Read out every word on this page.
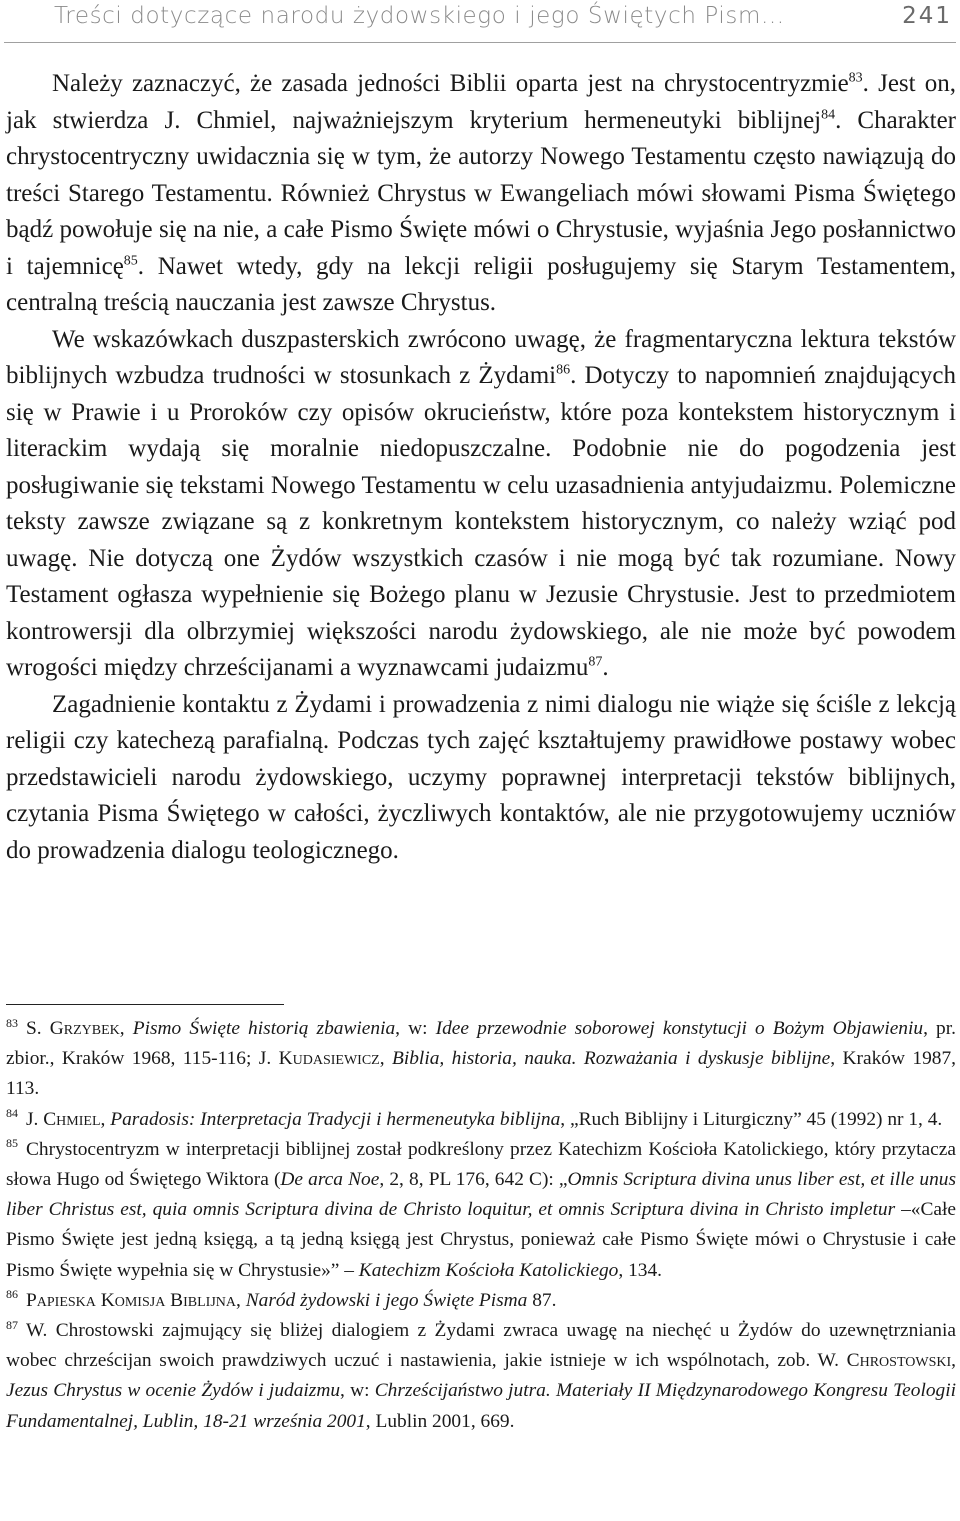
Treści dotyczące narodu żydowskiego i jego Świętych Pism...	241

Należy zaznaczyć, że zasada jedności Biblii oparta jest na chrystocentryzmie$^{83}$. Jest on, jak stwierdza J. Chmiel, najważniejszym kryterium hermeneutyki biblijnej$^{84}$. Charakter chrystocentryczny uwidacznia się w tym, że autorzy Nowego Testamentu często nawiązują do treści Starego Testamentu. Również Chrystus w Ewangeliach mówi słowami Pisma Świętego bądź powołuje się na nie, a całe Pismo Święte mówi o Chrystusie, wyjaśnia Jego posłannictwo i tajemnicę$^{85}$. Nawet wtedy, gdy na lekcji religii posługujemy się Starym Testamentem, centralną treścią nauczania jest zawsze Chrystus.

We wskazówkach duszpasterskich zwrócono uwagę, że fragmentaryczna lektura tekstów biblijnych wzbudza trudności w stosunkach z Żydami$^{86}$. Dotyczy to napomnień znajdujących się w Prawie i u Proroków czy opisów okrucieństw, które poza kontekstem historycznym i literackim wydają się moralnie niedopuszczalne. Podobnie nie do pogodzenia jest posługiwanie się tekstami Nowego Testamentu w celu uzasadnienia antyjudaizmu. Polemiczne teksty zawsze związane są z konkretnym kontekstem historycznym, co należy wziąć pod uwagę. Nie dotyczą one Żydów wszystkich czasów i nie mogą być tak rozumiane. Nowy Testament ogłasza wypełnienie się Bożego planu w Jezusie Chrystusie. Jest to przedmiotem kontrowersji dla olbrzymiej większości narodu żydowskiego, ale nie może być powodem wrogości między chrześcijanami a wyznawcami judaizmu$^{87}$.

Zagadnienie kontaktu z Żydami i prowadzenia z nimi dialogu nie wiąże się ściśle z lekcją religii czy katechezą parafialną. Podczas tych zajęć kształtujemy prawidłowe postawy wobec przedstawicieli narodu żydowskiego, uczymy poprawnej interpretacji tekstów biblijnych, czytania Pisma Świętego w całości, życzliwych kontaktów, ale nie przygotowujemy uczniów do prowadzenia dialogu teologicznego.

$^{83}$ S. Grzybek, Pismo Święte historią zbawienia, w: Idee przewodnie soborowej konstytucji o Bożym Objawieniu, pr. zbior., Kraków 1968, 115-116; J. Kudasiewicz, Biblia, historia, nauka. Rozważania i dyskusje biblijne, Kraków 1987, 113.

$^{84}$ J. Chmiel, Paradosis: Interpretacja Tradycji i hermeneutyka biblijna, „Ruch Biblijny i Liturgiczny” 45 (1992) nr 1, 4.

$^{85}$ Chrystocentryzm w interpretacji biblijnej został podkreślony przez Katechizm Kościoła Katolickiego, który przytacza słowa Hugo od Świętego Wiktora (De arca Noe, 2, 8, PL 176, 642 C): „Omnis Scriptura divina unus liber est, et ille unus liber Christus est, quia omnis Scriptura divina de Christo loquitur, et omnis Scriptura divina in Christo impletur –«Całe Pismo Święte jest jedną księgą, a tą jedną księgą jest Chrystus, ponieważ całe Pismo Święte mówi o Chrystusie i całe Pismo Święte wypełnia się w Chrystusie»” – Katechizm Kościoła Katolickiego, 134.

$^{86}$ Papieska Komisja Biblijna, Naród żydowski i jego Święte Pisma 87.

$^{87}$ W. Chrostowski zajmujący się bliżej dialogiem z Żydami zwraca uwagę na niechęć u Żydów do uzewnętrzniania wobec chrześcijan swoich prawdziwych uczuć i nastawienia, jakie istnieje w ich wspólnotach, zob. W. Chrostowski, Jezus Chrystus w ocenie Żydów i judaizmu, w: Chrześcijaństwo jutra. Materiały II Międzynarodowego Kongresu Teologii Fundamentalnej, Lublin, 18-21 września 2001, Lublin 2001, 669.
